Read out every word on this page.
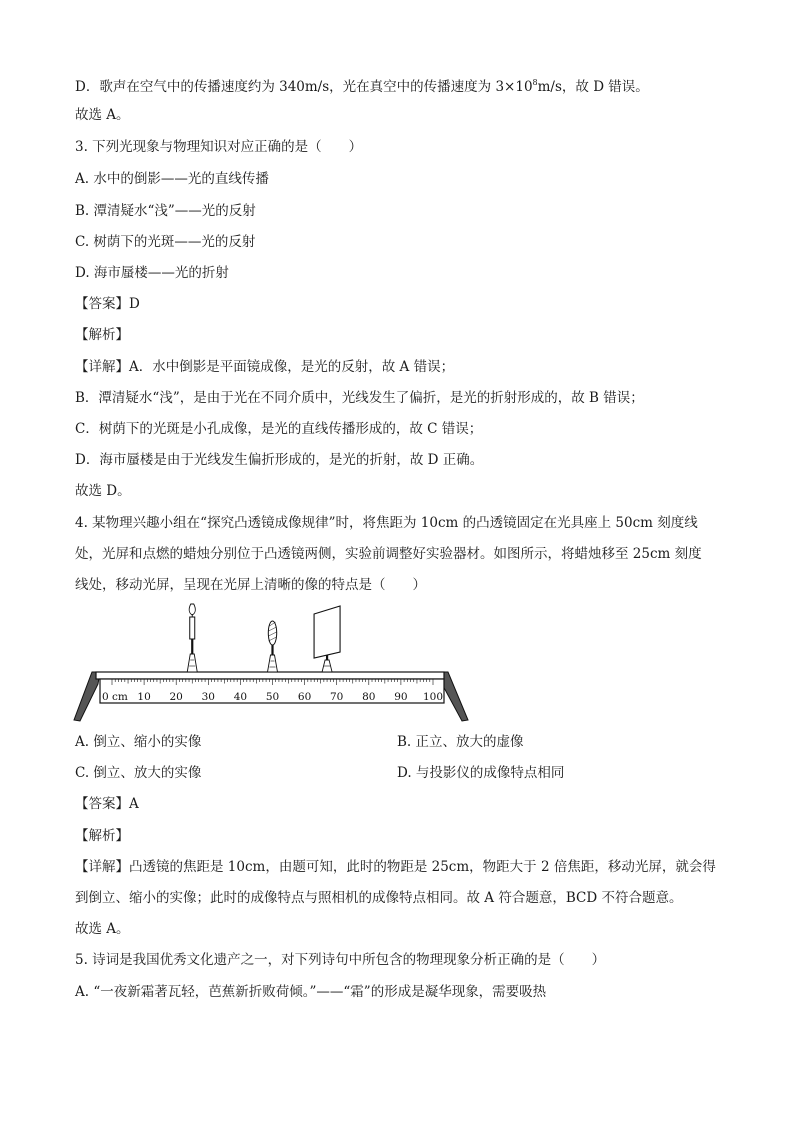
D．歌声在空气中的传播速度约为 340m/s，光在真空中的传播速度为 $3\times 10^8m/s$，故 D 错误。
故选 A。
3. 下列光现象与物理知识对应正确的是（　　）
A. 水中的倒影——光的直线传播
B. 潭清疑水“浅”——光的反射
C. 树荫下的光斑——光的反射
D. 海市蜃楼——光的折射
【答案】D
【解析】
【详解】A．水中倒影是平面镜成像，是光的反射，故 A 错误；
B．潭清疑水“浅”，是由于光在不同介质中，光线发生了偏折，是光的折射形成的，故 B 错误；
C．树荫下的光斑是小孔成像，是光的直线传播形成的，故 C 错误；
D．海市蜃楼是由于光线发生偏折形成的，是光的折射，故 D 正确。
故选 D。
4. 某物理兴趣小组在“探究凸透镜成像规律”时，将焦距为 10cm 的凸透镜固定在光具座上 50cm 刻度线
处，光屏和点燃的蜡烛分别位于凸透镜两侧，实验前调整好实验器材。如图所示，将蜡烛移至 25cm 刻度
线处，移动光屏，呈现在光屏上清晰的像的特点是（　　）
0 cm 10 20 30 40 50 60 70 80 90 100
A. 倒立、缩小的实像	B. 正立、放大的虚像
C. 倒立、放大的实像	D. 与投影仪的成像特点相同
【答案】A
【解析】
【详解】凸透镜的焦距是 10cm，由题可知，此时的物距是 25cm，物距大于 2 倍焦距，移动光屏，就会得
到倒立、缩小的实像；此时的成像特点与照相机的成像特点相同。故 A 符合题意，BCD 不符合题意。
故选 A。
5. 诗词是我国优秀文化遗产之一，对下列诗句中所包含的物理现象分析正确的是（　　）
A. “一夜新霜著瓦轻，芭蕉新折败荷倾。”——“霜”的形成是凝华现象，需要吸热
